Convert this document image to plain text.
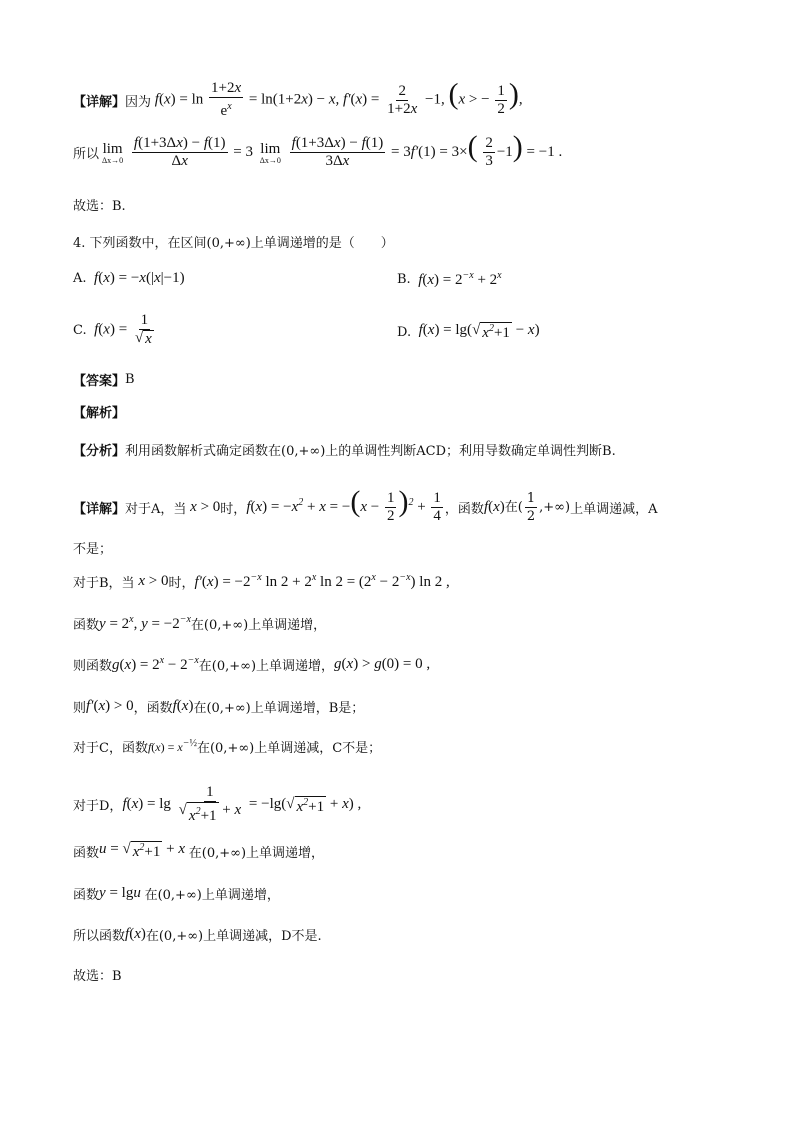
【详解】 因为 $f(x) = \ln \frac{1+2x}{e^x} = \ln(1+2x) - x$, $f'(x) = \frac{2}{1+2x} -1$, (x > − $\frac{1}{2}$ ),
所以 lim
Δx→0
$\frac{f(1+3\Delta x) - f(1)}{\Delta x} = 3$ lim
Δx→0
$\frac{f(1+3\Delta x) - f(1)}{3\Delta x} = 3f'(1) = 3\times( \frac{2}{3} -1) = -1$ .
故选：B.
4. 下列函数中，在区间(0,+∞)上单调递增的是（　　）
A. f(x) = −x(|x|−1)	B. $f(x) = 2^{-x} + 2^x$
C. $f(x) = \frac{1}{√ x}$	D. f(x) = lg( √ $x^2+1 - x$)
【答案】 B
【解析】
【分析】 利用函数解析式确定函数在(0,+∞)上的单调性判断ACD；利用导数确定单调性判断B.
【详解】 对于A，当 x > 0 时， $f(x) = -x^2 + x = -(x - \frac{1}{2} )^2 + \frac{1}{4}$ ，函数 f(x) 在( $\frac{1}{2}$ ,+∞) 上单调递减，A
不是；
对于B，当 x > 0 时， $f'(x) = -2^{-x}$ $\ln 2 + 2^x$ $\ln 2 = (2^x - 2^{-x})$ ln 2 ,
函数 $y = 2^x$, $y = -2^{-x}$ 在(0,+∞)上单调递增，
则函数 $g(x) = 2^x - 2^{-x}$ 在(0,+∞)上单调递增， g(x) > g(0) = 0 ,
则 f′(x) > 0 ，函数 f(x) 在(0,+∞)上单调递增，B是；
对于C，函数 $f(x) = x^{-\frac{1}{2}}$ 在(0,+∞)上单调递减，C不是；
对于D， $f(x) = \lg \frac{1}{√ x^2+1 + x} = -\lg$( √ $x^2+1 + x$) ,
函数 u = √ $x^2+1 + x$ 在(0,+∞)上单调递增，
函数 y = lgu 在(0,+∞)上单调递增，
所以函数 f(x) 在(0,+∞)上单调递减，D不是.
故选：B
